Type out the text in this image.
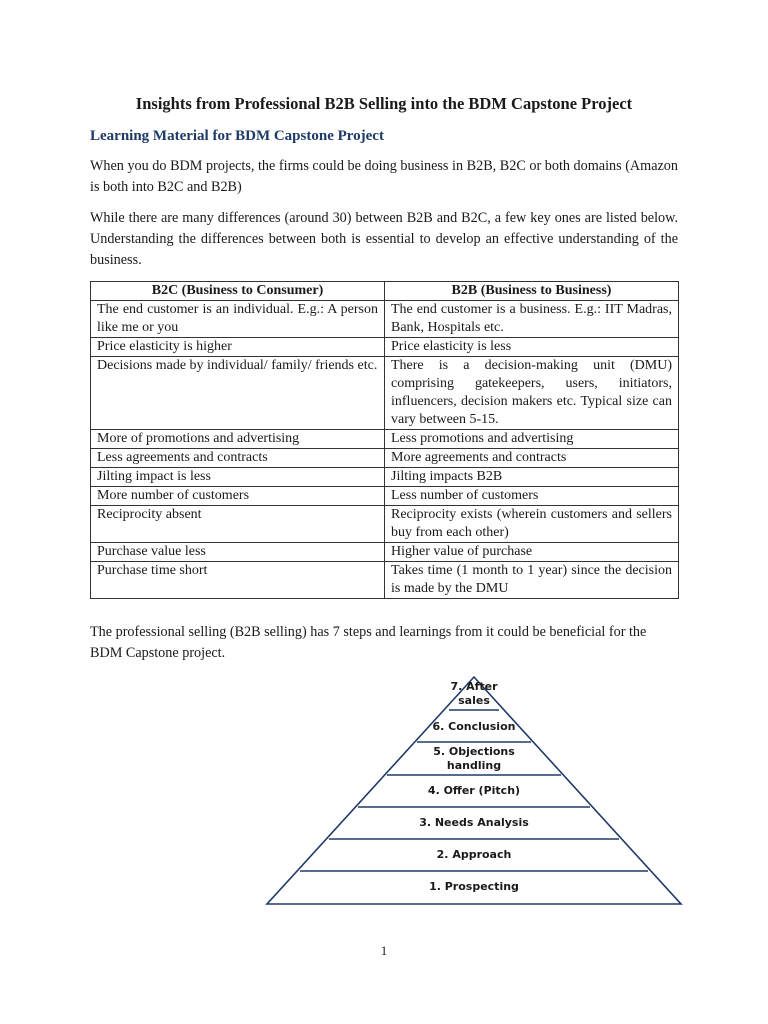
Insights from Professional B2B Selling into the BDM Capstone Project
Learning Material for BDM Capstone Project

When you do BDM projects, the firms could be doing business in B2B, B2C or both domains (Amazon is both into B2C and B2B)

While there are many differences (around 30) between B2B and B2C, a few key ones are listed below. Understanding the differences between both is essential to develop an effective understanding of the business.

B2C (Business to Consumer)	B2B (Business to Business)
The end customer is an individual. E.g.: A person like me or you	The end customer is a business. E.g.: IIT Madras, Bank, Hospitals etc.
Price elasticity is higher	Price elasticity is less
Decisions made by individual/ family/ friends etc.	There is a decision-making unit (DMU) comprising gatekeepers, users, initiators, influencers, decision makers etc. Typical size can vary between 5-15.
More of promotions and advertising	Less promotions and advertising
Less agreements and contracts	More agreements and contracts
Jilting impact is less	Jilting impacts B2B
More number of customers	Less number of customers
Reciprocity absent	Reciprocity exists (wherein customers and sellers buy from each other)
Purchase value less	Higher value of purchase
Purchase time short	Takes time (1 month to 1 year) since the decision is made by the DMU

The professional selling (B2B selling) has 7 steps and learnings from it could be beneficial for the BDM Capstone project.

7. After
sales
6. Conclusion
5. Objections
handling
4. Offer (Pitch)
3. Needs Analysis
2. Approach
1. Prospecting

1
